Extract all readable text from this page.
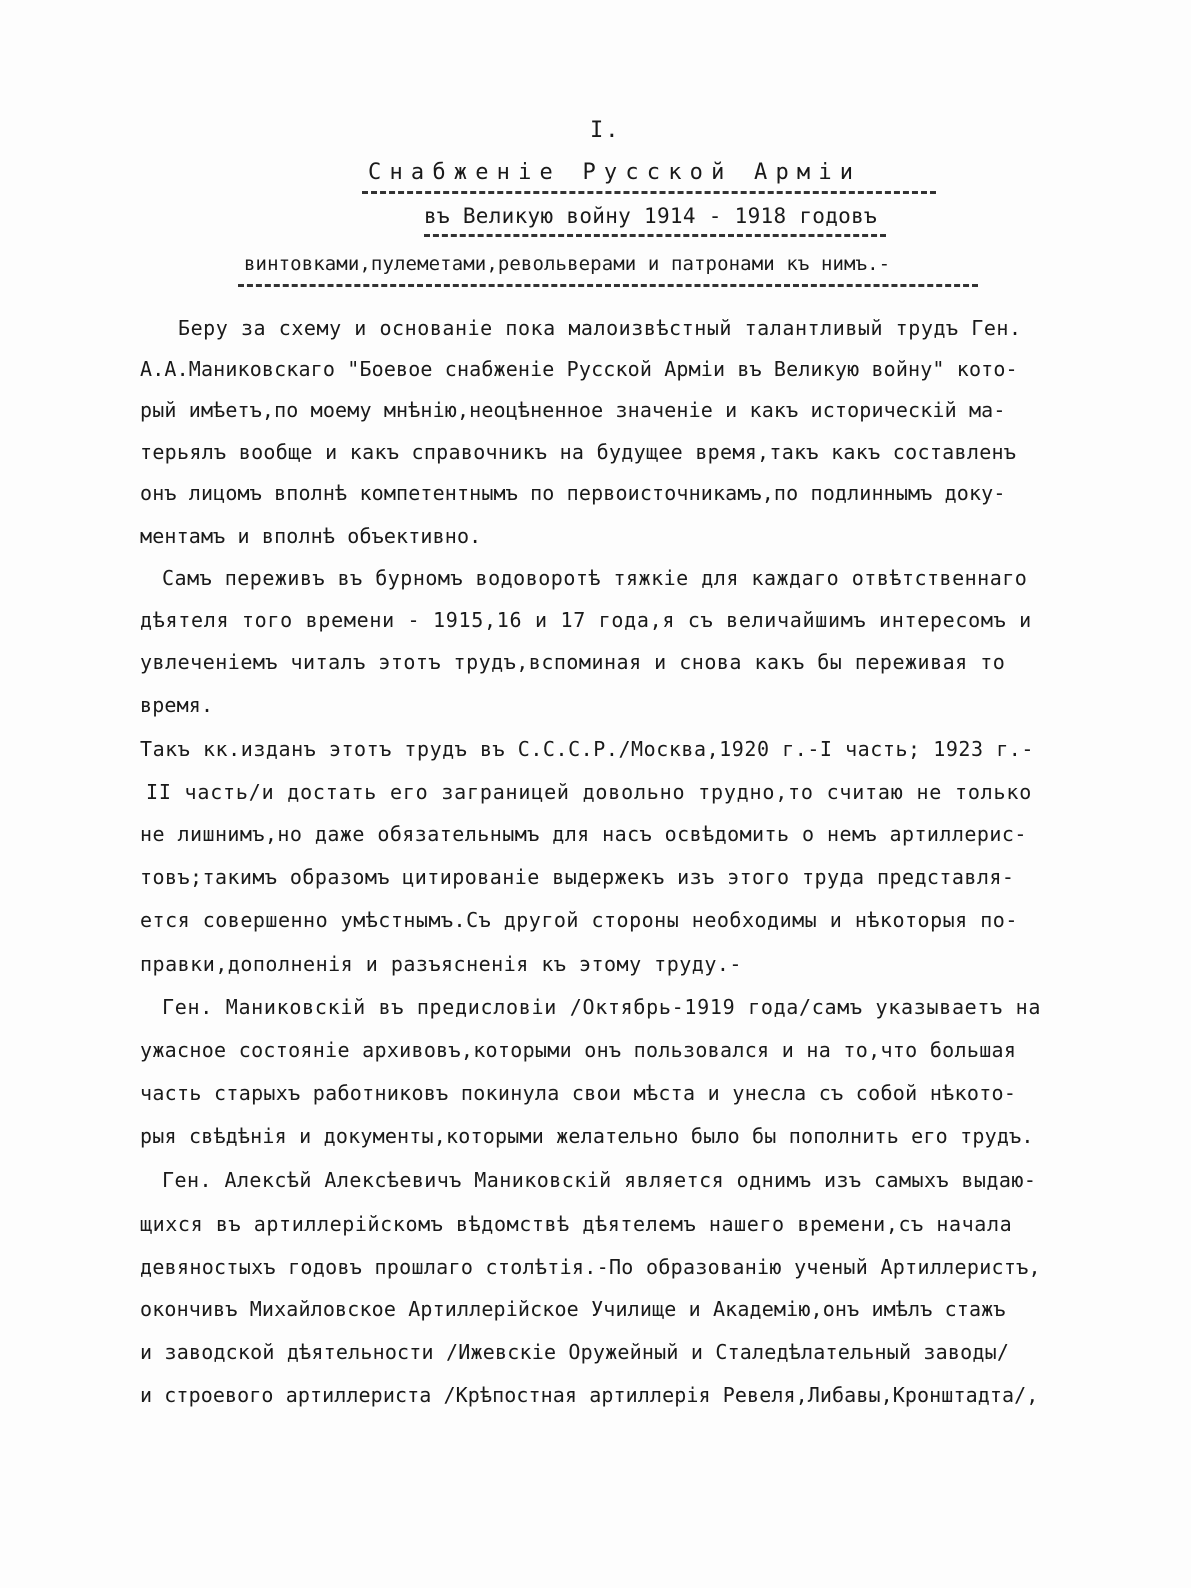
I.
Снабженiе Русской Армiи
въ Великую войну 1914 - 1918 годовъ
винтовками,пулеметами,револьверами и патронами къ нимъ.-
Беру за схему и основанiе пока малоизвѣстный талантливый трудъ Ген.
А.А.Маниковскаго "Боевое снабженiе Русской Армiи въ Великую войну" кото-
рый имѣетъ,по моему мнѣнiю,неоцѣненное значенiе и какъ историческiй ма-
терьялъ вообще и какъ справочникъ на будущее время,такъ какъ составленъ
онъ лицомъ вполнѣ компетентнымъ по первоисточникамъ,по подлиннымъ доку-
ментамъ и вполнѣ объективно.
Самъ переживъ въ бурномъ водоворотѣ тяжкiе для каждаго отвѣтственнаго
дѣятеля того времени - 1915,16 и 17 года,я съ величайшимъ интересомъ и
увлеченiемъ читалъ этотъ трудъ,вспоминая и снова какъ бы переживая то
время.
Такъ кк.изданъ этотъ трудъ въ С.С.С.Р./Москва,1920 г.-I часть; 1923 г.-
II часть/и достать его заграницей довольно трудно,то считаю не только
не лишнимъ,но даже обязательнымъ для насъ освѣдомить о немъ артиллерис-
товъ;такимъ образомъ цитированiе выдержекъ изъ этого труда представля-
ется совершенно умѣстнымъ.Съ другой стороны необходимы и нѣкоторыя по-
правки,дополненiя и разъясненiя къ этому труду.-
Ген. Маниковскiй въ предисловiи /Октябрь-1919 года/самъ указываетъ на
ужасное состоянiе архивовъ,которыми онъ пользовался и на то,что большая
часть старыхъ работниковъ покинула свои мѣста и унесла съ собой нѣкото-
рыя свѣдѣнiя и документы,которыми желательно было бы пополнить его трудъ.
Ген. Алексѣй Алексѣевичъ Маниковскiй является однимъ изъ самыхъ выдаю-
щихся въ артиллерiйскомъ вѣдомствѣ дѣятелемъ нашего времени,съ начала
девяностыхъ годовъ прошлаго столѣтiя.-По образованiю ученый Артиллеристъ,
окончивъ Михайловское Артиллерiйское Училище и Академiю,онъ имѣлъ стажъ
и заводской дѣятельности /Ижевскiе Оружейный и Сталедѣлательный заводы/
и строевого артиллериста /Крѣпостная артиллерiя Ревеля,Либавы,Кронштадта/,
